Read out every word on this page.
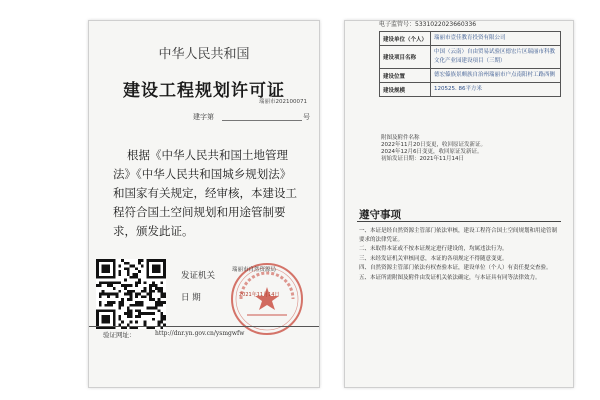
中华人民共和国
建设工程规划许可证
瑞丽市202100071
建字第	号
根据《中华人民共和国土地管理法》《中华人民共和国城乡规划法》和国家有关规定，经审核，本建设工程符合国土空间规划和用途管制要求，颁发此证。
发证机关
日 期
瑞丽市自然资源局
2021年11月14日
验证网址：	http://dnr.yn.gov.cn/ysmgwfw
电子监管号：5331022023660336
建设单位（个人）	瑞丽市壹佳教育投资有限公司
建设项目名称	中国（云南）自由贸易试验区德宏片区瑞丽市科教文化产业园建设项目（三期）
建设位置	德宏傣族景颇族自治州瑞丽市户点南阳村工路西侧
建设规模	120525. 86平方米
附图及附件名称
2022年11月20日变更，收回原证发新证。
2024年12月6日变更，收回原证发新证。
初始发证日期：2021年11月14日
遵守事项
一、本证是经自然资源主管部门依法审核，建设工程符合国土空间规划和用途管制要求的法律凭证。
二、未取得本证或不按本证规定进行建设的，均属违法行为。
三、未经发证机关审核同意，本证的各项规定不得随意变更。
四、自然资源主管部门依法有权查验本证，建设单位（个人）有责任提交查验。
五、本证所需附图及附件由发证机关依法确定，与本证具有同等法律效力。
